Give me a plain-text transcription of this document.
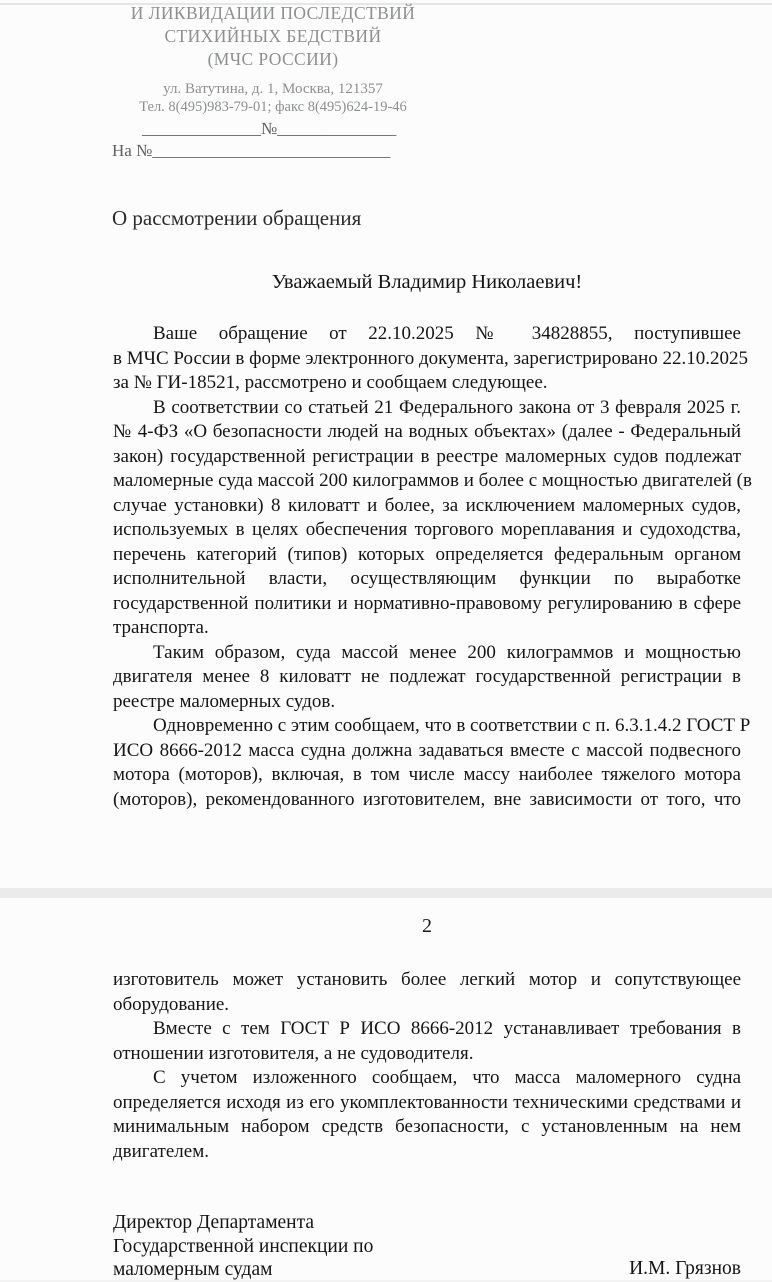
И ЛИКВИДАЦИИ ПОСЛЕДСТВИЙ
СТИХИЙНЫХ БЕДСТВИЙ
(МЧС РОССИИ)
ул. Ватутина, д. 1, Москва, 121357
Тел. 8(495)983-79-01; факс 8(495)624-19-46
______________№______________
На №____________________________
О рассмотрении обращения
Уважаемый Владимир Николаевич!
Ваше обращение от 22.10.2025 № 34828855, поступившее
в МЧС России в форме электронного документа, зарегистрировано 22.10.2025
за № ГИ-18521, рассмотрено и сообщаем следующее.
В соответствии со статьей 21 Федерального закона от 3 февраля 2025 г.
№ 4-ФЗ «О безопасности людей на водных объектах» (далее - Федеральный
закон) государственной регистрации в реестре маломерных судов подлежат
маломерные суда массой 200 килограммов и более с мощностью двигателей (в
случае установки) 8 киловатт и более, за исключением маломерных судов,
используемых в целях обеспечения торгового мореплавания и судоходства,
перечень категорий (типов) которых определяется федеральным органом
исполнительной власти, осуществляющим функции по выработке
государственной политики и нормативно-правовому регулированию в сфере
транспорта.
Таким образом, суда массой менее 200 килограммов и мощностью
двигателя менее 8 киловатт не подлежат государственной регистрации в
реестре маломерных судов.
Одновременно с этим сообщаем, что в соответствии с п. 6.3.1.4.2 ГОСТ Р
ИСО 8666-2012 масса судна должна задаваться вместе с массой подвесного
мотора (моторов), включая, в том числе массу наиболее тяжелого мотора
(моторов), рекомендованного изготовителем, вне зависимости от того, что
2
изготовитель может установить более легкий мотор и сопутствующее
оборудование.
Вместе с тем ГОСТ Р ИСО 8666-2012 устанавливает требования в
отношении изготовителя, а не судоводителя.
С учетом изложенного сообщаем, что масса маломерного судна
определяется исходя из его укомплектованности техническими средствами и
минимальным набором средств безопасности, с установленным на нем
двигателем.
Директор Департамента
Государственной инспекции по
маломерным судам	И.М. Грязнов
